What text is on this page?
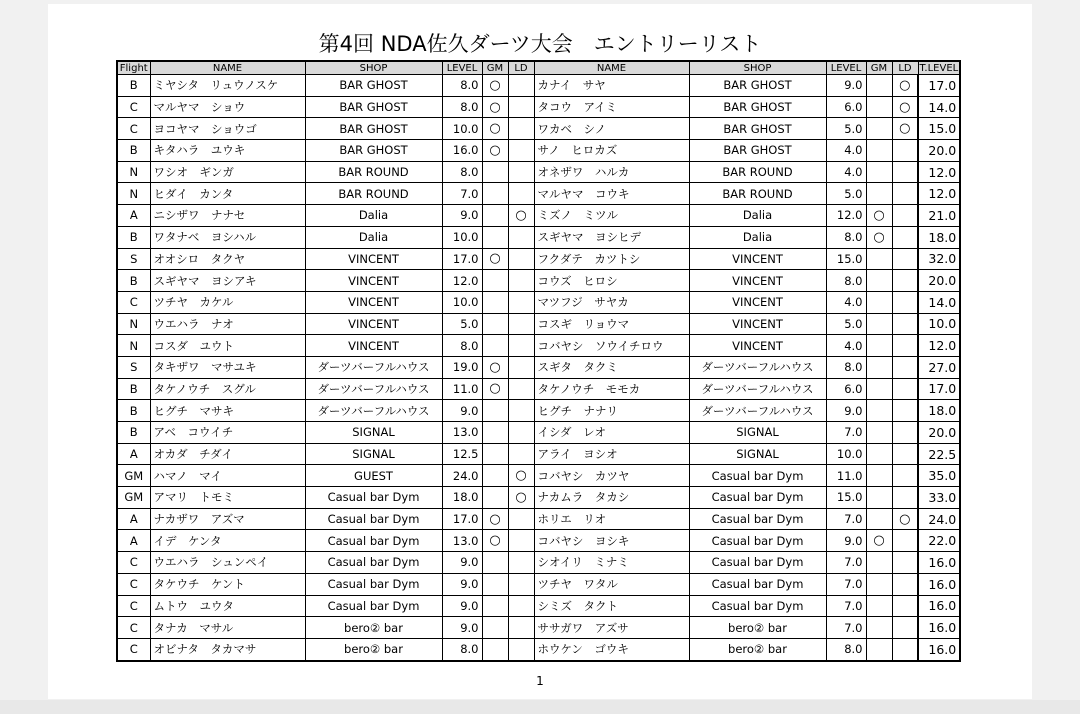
第4回 NDA佐久ダーツ大会　エントリーリスト
Flight	NAME	SHOP	LEVEL	GM	LD	NAME	SHOP	LEVEL	GM	LD	T.LEVEL
B	ミヤシタ　リュウノスケ	BAR GHOST	8.0	○		カナイ　サヤ	BAR GHOST	9.0		○	17.0
C	マルヤマ　ショウ	BAR GHOST	8.0	○		タコウ　アイミ	BAR GHOST	6.0		○	14.0
C	ヨコヤマ　ショウゴ	BAR GHOST	10.0	○		ワカベ　シノ	BAR GHOST	5.0		○	15.0
B	キタハラ　ユウキ	BAR GHOST	16.0	○		サノ　ヒロカズ	BAR GHOST	4.0			20.0
N	ワシオ　ギンガ	BAR ROUND	8.0			オネザワ　ハルカ	BAR ROUND	4.0			12.0
N	ヒダイ　カンタ	BAR ROUND	7.0			マルヤマ　コウキ	BAR ROUND	5.0			12.0
A	ニシザワ　ナナセ	Dalia	9.0		○	ミズノ　ミツル	Dalia	12.0	○		21.0
B	ワタナベ　ヨシハル	Dalia	10.0			スギヤマ　ヨシヒデ	Dalia	8.0	○		18.0
S	オオシロ　タクヤ	VINCENT	17.0	○		フクダテ　カツトシ	VINCENT	15.0			32.0
B	スギヤマ　ヨシアキ	VINCENT	12.0			コウズ　ヒロシ	VINCENT	8.0			20.0
C	ツチヤ　カケル	VINCENT	10.0			マツフジ　サヤカ	VINCENT	4.0			14.0
N	ウエハラ　ナオ	VINCENT	5.0			コスギ　リョウマ	VINCENT	5.0			10.0
N	コスダ　ユウト	VINCENT	8.0			コバヤシ　ソウイチロウ	VINCENT	4.0			12.0
S	タキザワ　マサユキ	ダーツバーフルハウス	19.0	○		スギタ　タクミ	ダーツバーフルハウス	8.0			27.0
B	タケノウチ　スグル	ダーツバーフルハウス	11.0	○		タケノウチ　モモカ	ダーツバーフルハウス	6.0			17.0
B	ヒグチ　マサキ	ダーツバーフルハウス	9.0			ヒグチ　ナナリ	ダーツバーフルハウス	9.0			18.0
B	アベ　コウイチ	SIGNAL	13.0			イシダ　レオ	SIGNAL	7.0			20.0
A	オカダ　チダイ	SIGNAL	12.5			アライ　ヨシオ	SIGNAL	10.0			22.5
GM	ハマノ　マイ	GUEST	24.0		○	コバヤシ　カツヤ	Casual bar Dym	11.0			35.0
GM	アマリ　トモミ	Casual bar Dym	18.0		○	ナカムラ　タカシ	Casual bar Dym	15.0			33.0
A	ナカザワ　アズマ	Casual bar Dym	17.0	○		ホリエ　リオ	Casual bar Dym	7.0		○	24.0
A	イデ　ケンタ	Casual bar Dym	13.0	○		コバヤシ　ヨシキ	Casual bar Dym	9.0	○		22.0
C	ウエハラ　シュンペイ	Casual bar Dym	9.0			シオイリ　ミナミ	Casual bar Dym	7.0			16.0
C	タケウチ　ケント	Casual bar Dym	9.0			ツチヤ　ワタル	Casual bar Dym	7.0			16.0
C	ムトウ　ユウタ	Casual bar Dym	9.0			シミズ　タクト	Casual bar Dym	7.0			16.0
C	タナカ　マサル	bero② bar	9.0			ササガワ　アズサ	bero② bar	7.0			16.0
C	オビナタ　タカマサ	bero② bar	8.0			ホウケン　ゴウキ	bero② bar	8.0			16.0
1
